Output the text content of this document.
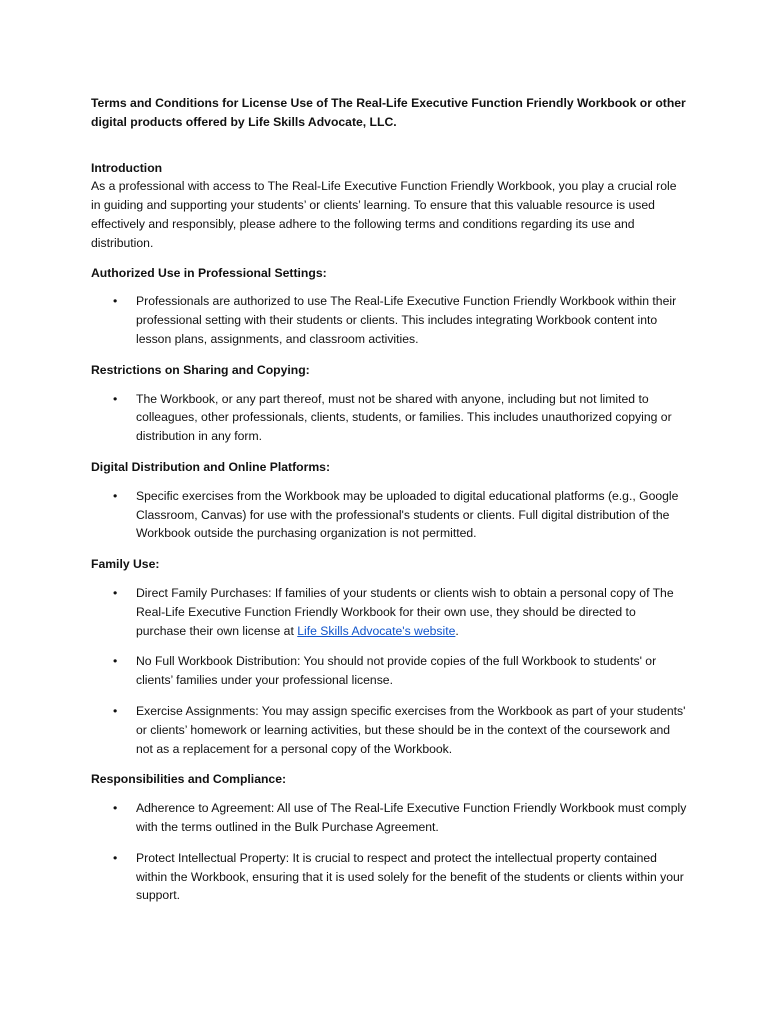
Terms and Conditions for License Use of The Real-Life Executive Function Friendly Workbook or other digital products offered by Life Skills Advocate, LLC.

Introduction

As a professional with access to The Real-Life Executive Function Friendly Workbook, you play a crucial role in guiding and supporting your students’ or clients’ learning. To ensure that this valuable resource is used effectively and responsibly, please adhere to the following terms and conditions regarding its use and distribution.

Authorized Use in Professional Settings:

• Professionals are authorized to use The Real-Life Executive Function Friendly Workbook within their professional setting with their students or clients. This includes integrating Workbook content into lesson plans, assignments, and classroom activities.

Restrictions on Sharing and Copying:

• The Workbook, or any part thereof, must not be shared with anyone, including but not limited to colleagues, other professionals, clients, students, or families. This includes unauthorized copying or distribution in any form.

Digital Distribution and Online Platforms:

• Specific exercises from the Workbook may be uploaded to digital educational platforms (e.g., Google Classroom, Canvas) for use with the professional's students or clients. Full digital distribution of the Workbook outside the purchasing organization is not permitted.

Family Use:

• Direct Family Purchases: If families of your students or clients wish to obtain a personal copy of The Real-Life Executive Function Friendly Workbook for their own use, they should be directed to purchase their own license at Life Skills Advocate's website.
• No Full Workbook Distribution: You should not provide copies of the full Workbook to students' or clients’ families under your professional license.
• Exercise Assignments: You may assign specific exercises from the Workbook as part of your students' or clients’ homework or learning activities, but these should be in the context of the coursework and not as a replacement for a personal copy of the Workbook.

Responsibilities and Compliance:

• Adherence to Agreement: All use of The Real-Life Executive Function Friendly Workbook must comply with the terms outlined in the Bulk Purchase Agreement.
• Protect Intellectual Property: It is crucial to respect and protect the intellectual property contained within the Workbook, ensuring that it is used solely for the benefit of the students or clients within your support.
